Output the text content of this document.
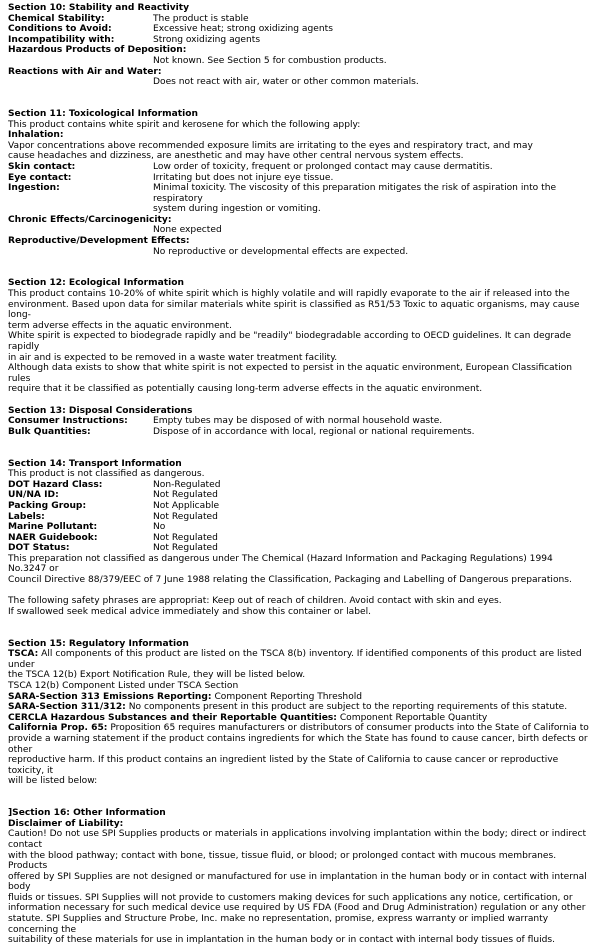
Section 10: Stability and Reactivity
Chemical Stability:	The product is stable
Conditions to Avoid:	Excessive heat; strong oxidizing agents
Incompatibility with:	Strong oxidizing agents
Hazardous Products of Deposition:
Not known. See Section 5 for combustion products.
Reactions with Air and Water:
Does not react with air, water or other common materials.
Section 11: Toxicological Information
This product contains white spirit and kerosene for which the following apply:
Inhalation:
Vapor concentrations above recommended exposure limits are irritating to the eyes and respiratory tract, and may
cause headaches and dizziness, are anesthetic and may have other central nervous system effects.
Skin contact:	Low order of toxicity, frequent or prolonged contact may cause dermatitis.
Eye contact:	Irritating but does not injure eye tissue.
Ingestion:	Minimal toxicity. The viscosity of this preparation mitigates the risk of aspiration into the respiratory
system during ingestion or vomiting.
Chronic Effects/Carcinogenicity:
None expected
Reproductive/Development Effects:
No reproductive or developmental effects are expected.
Section 12: Ecological Information
This product contains 10-20% of white spirit which is highly volatile and will rapidly evaporate to the air if released into the
environment. Based upon data for similar materials white spirit is classified as R51/53 Toxic to aquatic organisms, may cause long-
term adverse effects in the aquatic environment.
White spirit is expected to biodegrade rapidly and be "readily" biodegradable according to OECD guidelines. It can degrade rapidly
in air and is expected to be removed in a waste water treatment facility.
Although data exists to show that white spirit is not expected to persist in the aquatic environment, European Classification rules
require that it be classified as potentially causing long-term adverse effects in the aquatic environment.
Section 13: Disposal Considerations
Consumer Instructions:	Empty tubes may be disposed of with normal household waste.
Bulk Quantities:	Dispose of in accordance with local, regional or national requirements.
Section 14: Transport Information
This product is not classified as dangerous.
DOT Hazard Class:	Non-Regulated
UN/NA ID:	Not Regulated
Packing Group:	Not Applicable
Labels:	Not Regulated
Marine Pollutant:	No
NAER Guidebook:	Not Regulated
DOT Status:	Not Regulated
This preparation not classified as dangerous under The Chemical (Hazard Information and Packaging Regulations) 1994 No.3247 or
Council Directive 88/379/EEC of 7 June 1988 relating the Classification, Packaging and Labelling of Dangerous preparations.
The following safety phrases are appropriat: Keep out of reach of children. Avoid contact with skin and eyes.
If swallowed seek medical advice immediately and show this container or label.
Section 15: Regulatory Information
TSCA: All components of this product are listed on the TSCA 8(b) inventory. If identified components of this product are listed under
the TSCA 12(b) Export Notification Rule, they will be listed below.
TSCA 12(b) Component Listed under TSCA Section
SARA-Section 313 Emissions Reporting: Component Reporting Threshold
SARA-Section 311/312: No components present in this product are subject to the reporting requirements of this statute.
CERCLA Hazardous Substances and their Reportable Quantities: Component Reportable Quantity
California Prop. 65: Proposition 65 requires manufacturers or distributors of consumer products into the State of California to
provide a warning statement if the product contains ingredients for which the State has found to cause cancer, birth defects or other
reproductive harm. If this product contains an ingredient listed by the State of California to cause cancer or reproductive toxicity, it
will be listed below:
]Section 16: Other Information
Disclaimer of Liability:
Caution! Do not use SPI Supplies products or materials in applications involving implantation within the body; direct or indirect contact
with the blood pathway; contact with bone, tissue, tissue fluid, or blood; or prolonged contact with mucous membranes. Products
offered by SPI Supplies are not designed or manufactured for use in implantation in the human body or in contact with internal body
fluids or tissues. SPI Supplies will not provide to customers making devices for such applications any notice, certification, or
information necessary for such medical device use required by US FDA (Food and Drug Administration) regulation or any other
statute. SPI Supplies and Structure Probe, Inc. make no representation, promise, express warranty or implied warranty concerning the
suitability of these materials for use in implantation in the human body or in contact with internal body tissues of fluids.
